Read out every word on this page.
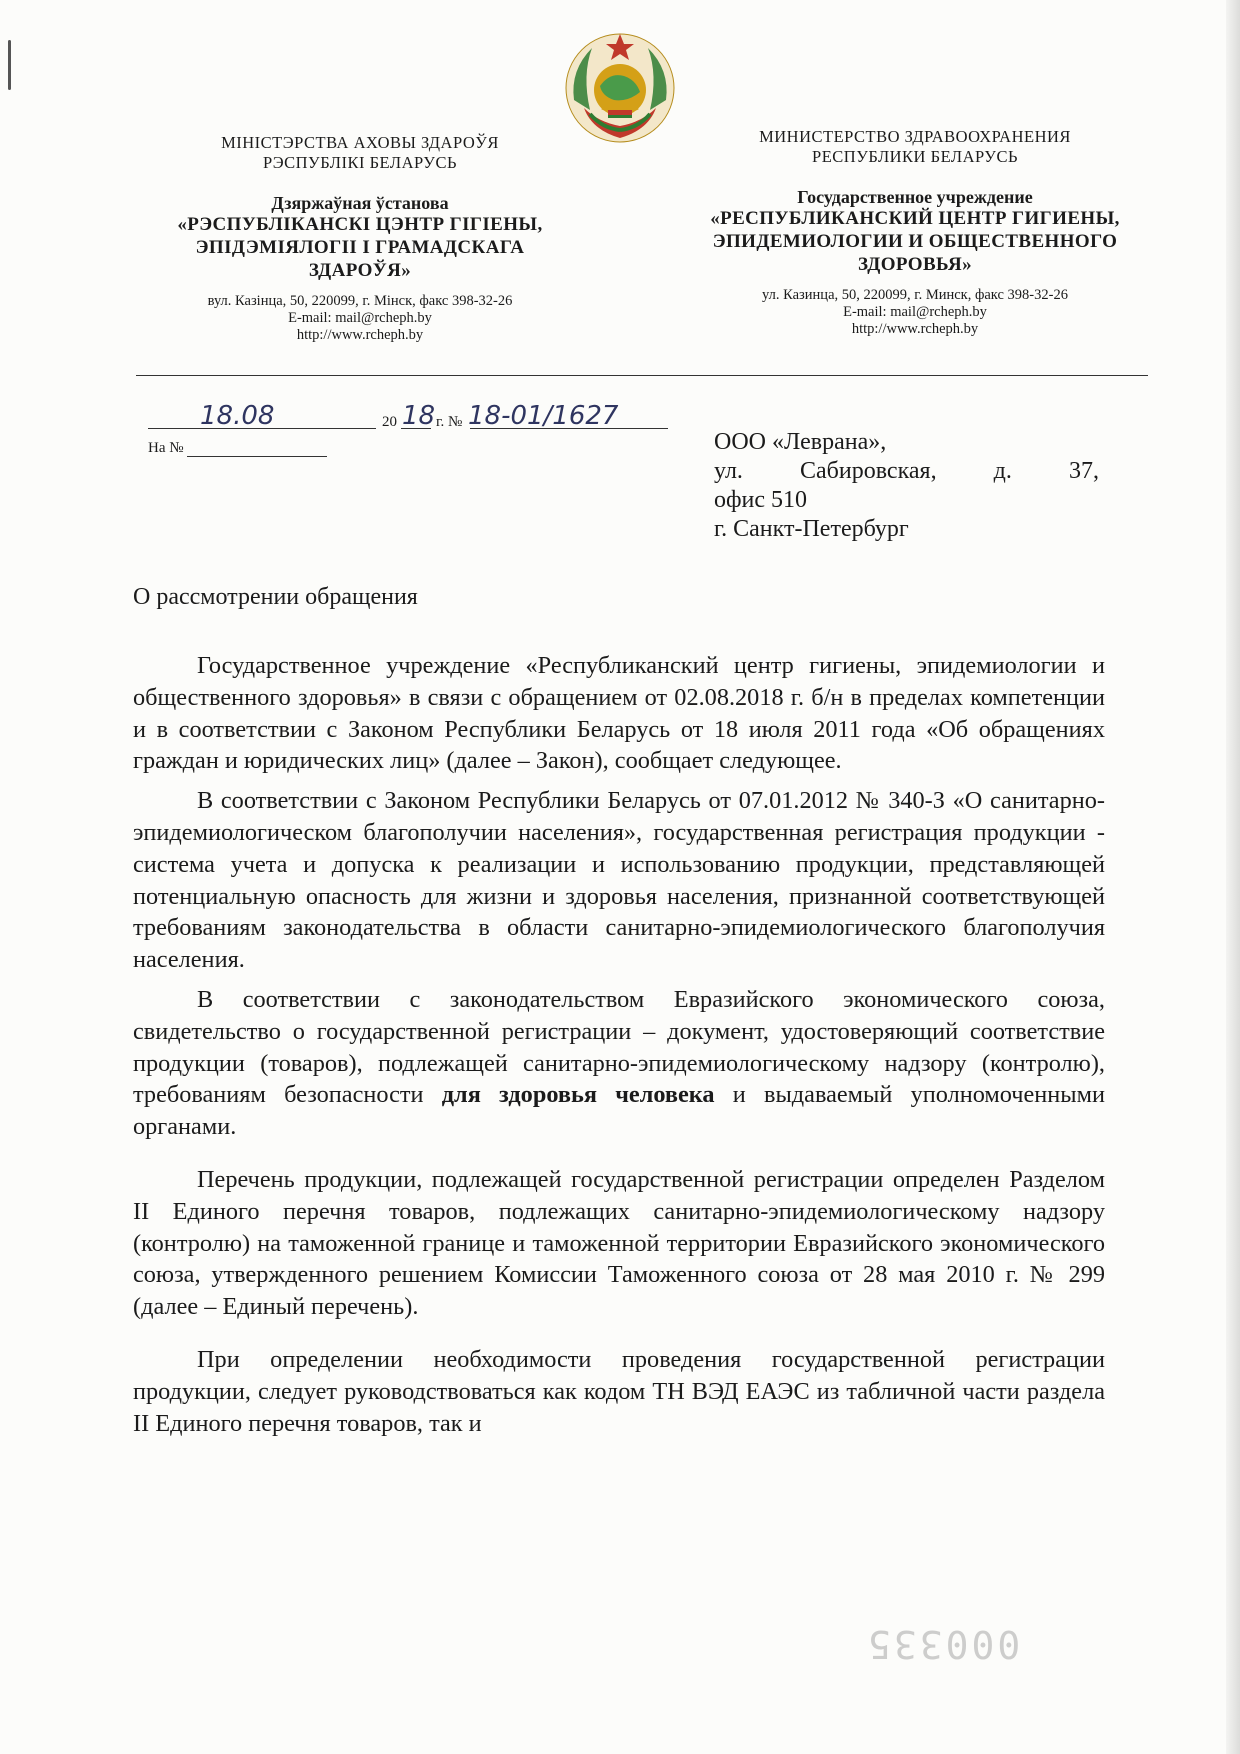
МІНІСТЭРСТВА АХОВЫ ЗДАРОЎЯ
РЭСПУБЛІКІ БЕЛАРУСЬ
Дзяржаўная ўстанова
«РЭСПУБЛІКАНСКІ ЦЭНТР ГІГІЕНЫ,
ЭПІДЭМІЯЛОГІІ І ГРАМАДСКАГА
ЗДАРОЎЯ»
вул. Казінца, 50, 220099, г. Мінск, факс 398-32-26
E-mail: mail@rcheph.by
http://www.rcheph.by
МИНИСТЕРСТВО ЗДРАВООХРАНЕНИЯ
РЕСПУБЛИКИ БЕЛАРУСЬ
Государственное учреждение
«РЕСПУБЛИКАНСКИЙ ЦЕНТР ГИГИЕНЫ,
ЭПИДЕМИОЛОГИИ И ОБЩЕСТВЕННОГО
ЗДОРОВЬЯ»
ул. Казинца, 50, 220099, г. Минск, факс 398-32-26
E-mail: mail@rcheph.by
http://www.rcheph.by
18.08	20 18 г. № 18-01/1627
На №	ООО «Леврана»,
ул. Сабировская, д. 37,
офис 510
г. Санкт-Петербург
О рассмотрении обращения

Государственное учреждение «Республиканский центр гигиены, эпидемиологии и общественного здоровья» в связи с обращением от 02.08.2018 г. б/н в пределах компетенции и в соответствии с Законом Республики Беларусь от 18 июля 2011 года «Об обращениях граждан и юридических лиц» (далее – Закон), сообщает следующее.

В соответствии с Законом Республики Беларусь от 07.01.2012 № 340-З «О санитарно-эпидемиологическом благополучии населения», государственная регистрация продукции - система учета и допуска к реализации и использованию продукции, представляющей потенциальную опасность для жизни и здоровья населения, признанной соответствующей требованиям законодательства в области санитарно-эпидемиологического благополучия населения.

В соответствии с законодательством Евразийского экономического союза, свидетельство о государственной регистрации – документ, удостоверяющий соответствие продукции (товаров), подлежащей санитарно-эпидемиологическому надзору (контролю), требованиям безопасности для здоровья человека и выдаваемый уполномоченными органами.

Перечень продукции, подлежащей государственной регистрации определен Разделом II Единого перечня товаров, подлежащих санитарно-эпидемиологическому надзору (контролю) на таможенной границе и таможенной территории Евразийского экономического союза, утвержденного решением Комиссии Таможенного союза от 28 мая 2010 г. № 299 (далее – Единый перечень).

При определении необходимости проведения государственной регистрации продукции, следует руководствоваться как кодом ТН ВЭД ЕАЭС из табличной части раздела II Единого перечня товаров, так и

000335
